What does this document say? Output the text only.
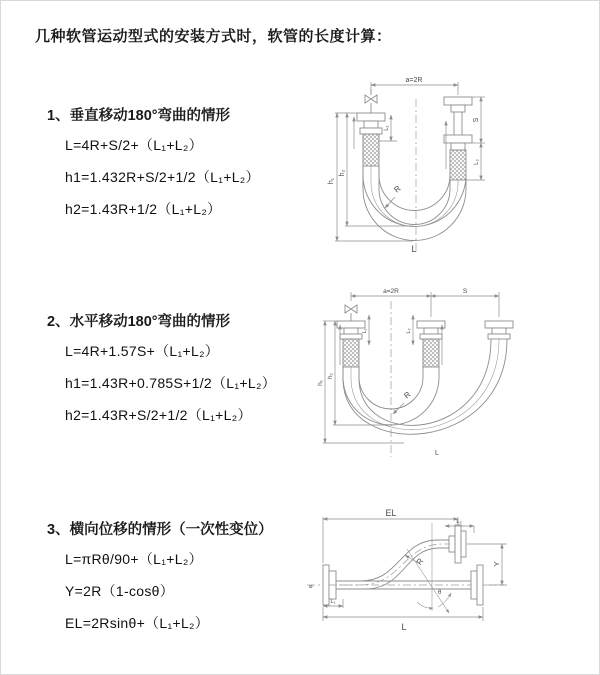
几种软管运动型式的安装方式时，软管的长度计算：
1、垂直移动180°弯曲的情形
L=4R+S/2+（L₁+L₂）
h1=1.432R+S/2+1/2（L₁+L₂）
h2=1.43R+1/2（L₁+L₂）
2、水平移动180°弯曲的情形
L=4R+1.57S+（L₁+L₂）
h1=1.43R+0.785S+1/2（L₁+L₂）
h2=1.43R+S/2+1/2（L₁+L₂）
3、横向位移的情形（一次性变位）
L=πRθ/90+（L₁+L₂）
Y=2R（1-cosθ）
EL=2Rsinθ+（L₁+L₂）
a=2R
h₁
h₂
L₁
S
L₂
R
L
a=2R	S
h₁
h₂
L₁	L₂
R
L
⌀
EL
L₂
Y
L
L₁
R
θ
